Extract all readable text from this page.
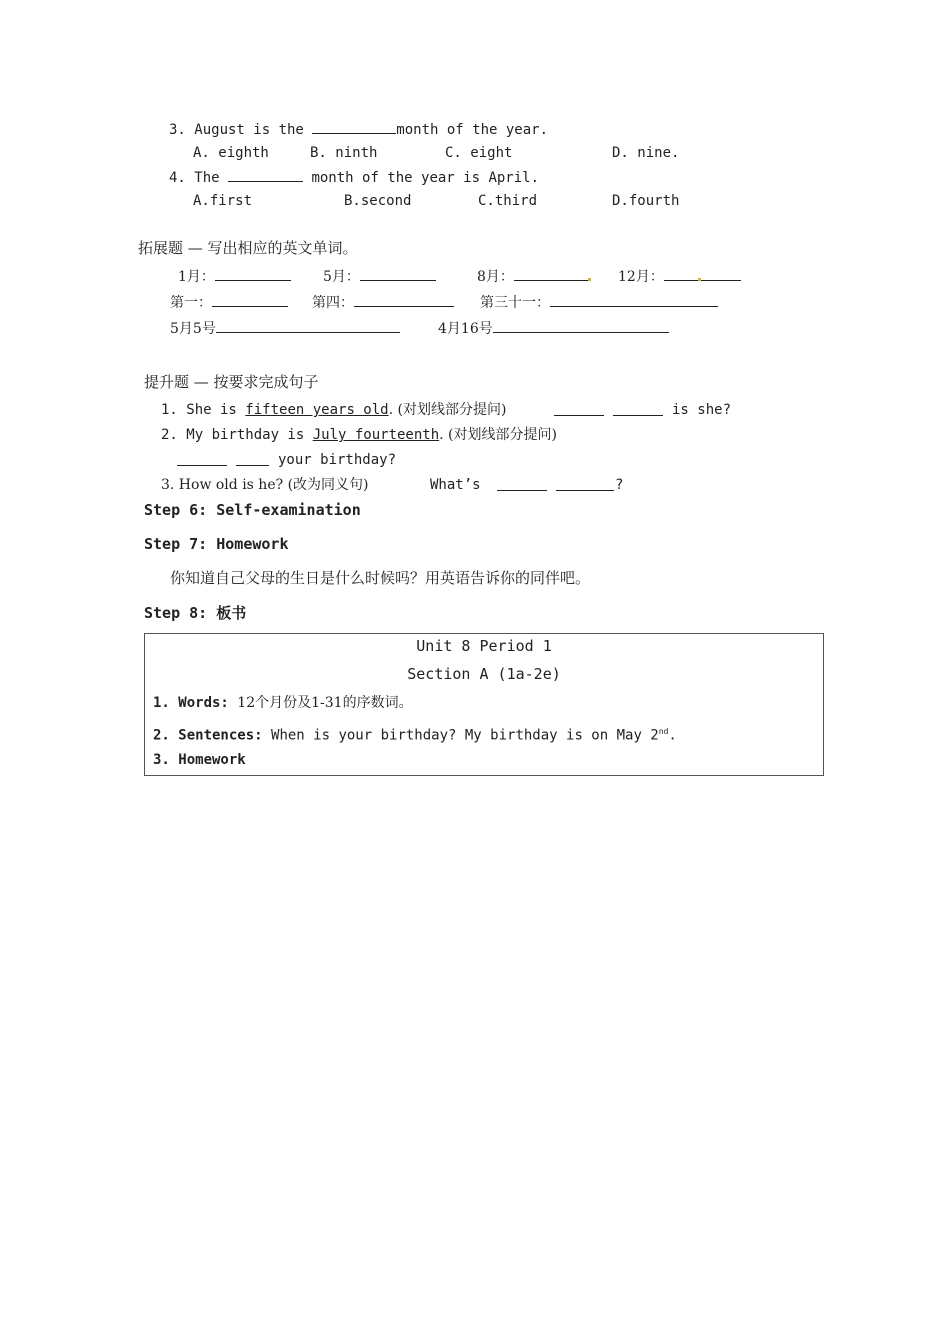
3. August is the	month of the year.
A. eighth	B. ninth	C. eight	D. nine.
4. The	month of the year is April.
A.first	B.second	C.third	D.fourth
拓展题 — 写出相应的英文单词。
1月：	5月：	8月：	12月：
第一：	第四：	第三十一：
5月5号	4月16号
提升题 — 按要求完成句子
1. She is fifteen years old. (对划线部分提问)	is she?
2. My birthday is July fourteenth. (对划线部分提问)
your birthday?
3. How old is he? (改为同义句)	What’s	?
Step 6: Self-examination
Step 7: Homework
你知道自己父母的生日是什么时候吗？用英语告诉你的同伴吧。
Step 8: 板书
Unit 8 Period 1
Section A (1a-2e)
1. Words: 12个月份及1-31的序数词。
2. Sentences: When is your birthday? My birthday is on May 2nd.
3. Homework
